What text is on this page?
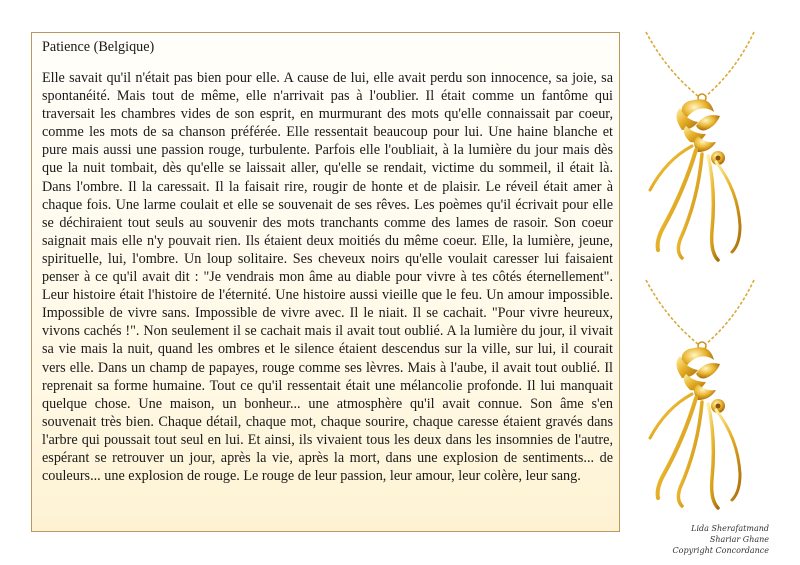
Patience (Belgique)

Elle savait qu'il n'était pas bien pour elle. A cause de lui, elle avait perdu son innocence, sa joie, sa spontanéité. Mais tout de même, elle n'arrivait pas à l'oublier. Il était comme un fantôme qui traversait les chambres vides de son esprit, en murmurant des mots qu'elle connaissait par coeur, comme les mots de sa chanson préférée. Elle ressentait beaucoup pour lui. Une haine blanche et pure mais aussi une passion rouge, turbulente. Parfois elle l'oubliait, à la lumière du jour mais dès que la nuit tombait, dès qu'elle se laissait aller, qu'elle se rendait, victime du sommeil, il était là. Dans l'ombre. Il la caressait. Il la faisait rire, rougir de honte et de plaisir. Le réveil était amer à chaque fois. Une larme coulait et elle se souvenait de ses rêves. Les poèmes qu'il écrivait pour elle se déchiraient tout seuls au souvenir des mots tranchants comme des lames de rasoir. Son coeur saignait mais elle n'y pouvait rien. Ils étaient deux moitiés du même coeur. Elle, la lumière, jeune, spirituelle, lui, l'ombre. Un loup solitaire. Ses cheveux noirs qu'elle voulait caresser lui faisaient penser à ce qu'il avait dit : "Je vendrais mon âme au diable pour vivre à tes côtés éternellement". Leur histoire était l'histoire de l'éternité. Une histoire aussi vieille que le feu. Un amour impossible. Impossible de vivre sans. Impossible de vivre avec. Il le niait. Il se cachait. "Pour vivre heureux, vivons cachés !". Non seulement il se cachait mais il avait tout oublié. A la lumière du jour, il vivait sa vie mais la nuit, quand les ombres et le silence étaient descendus sur la ville, sur lui, il courait vers elle. Dans un champ de papayes, rouge comme ses lèvres. Mais à l'aube, il avait tout oublié. Il reprenait sa forme humaine. Tout ce qu'il ressentait était une mélancolie profonde. Il lui manquait quelque chose. Une maison, un bonheur... une atmosphère qu'il avait connue. Son âme s'en souvenait très bien. Chaque détail, chaque mot, chaque sourire, chaque caresse étaient gravés dans l'arbre qui poussait tout seul en lui. Et ainsi, ils vivaient tous les deux dans les insomnies de l'autre, espérant se retrouver un jour, après la vie, après la mort, dans une explosion de sentiments... de couleurs... une explosion de rouge. Le rouge de leur passion, leur amour, leur colère, leur sang.

Lida Sherafatmand
Shariar Ghane
Copyright Concordance
